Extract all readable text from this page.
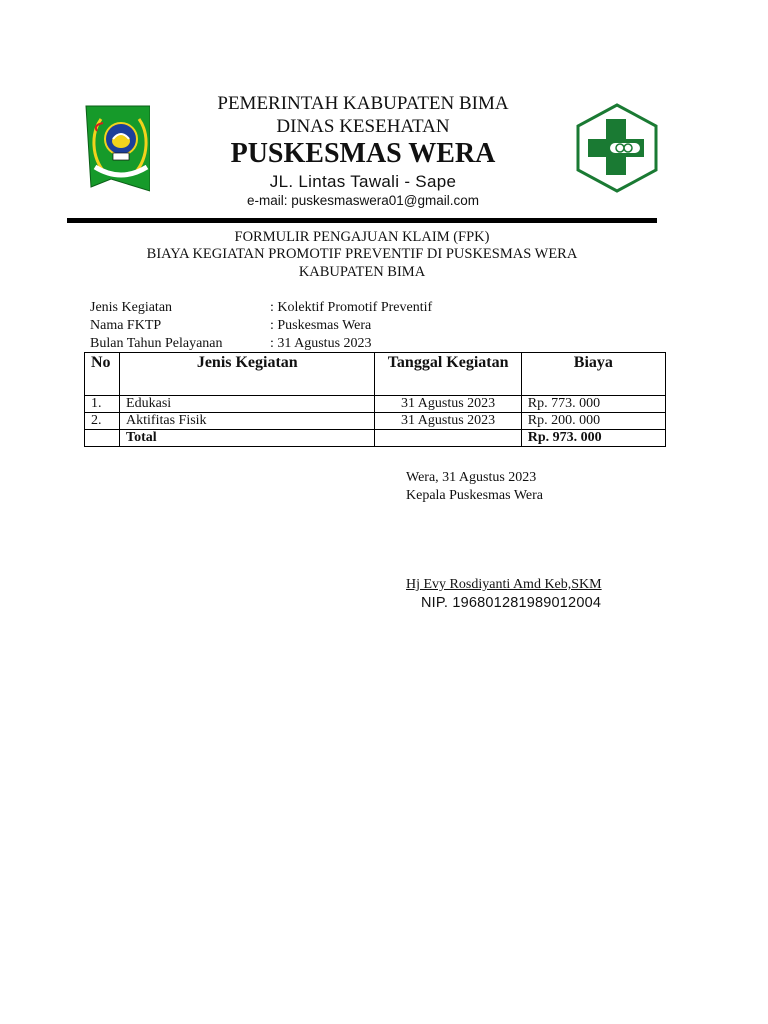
PEMERINTAH KABUPATEN BIMA
DINAS KESEHATAN
PUSKESMAS WERA
JL. Lintas Tawali - Sape
e-mail: puskesmaswera01@gmail.com
FORMULIR PENGAJUAN KLAIM (FPK)
BIAYA KEGIATAN PROMOTIF PREVENTIF DI PUSKESMAS WERA
KABUPATEN BIMA
Jenis Kegiatan	: Kolektif Promotif Preventif
Nama FKTP	: Puskesmas Wera
Bulan Tahun Pelayanan	: 31 Agustus 2023
No	Jenis Kegiatan	Tanggal Kegiatan	Biaya
1.	Edukasi	31 Agustus 2023	Rp. 773. 000
2.	Aktifitas Fisik	31 Agustus 2023	Rp. 200. 000
	Total		Rp. 973. 000
Wera, 31 Agustus 2023
Kepala Puskesmas Wera
Hj Evy Rosdiyanti Amd Keb,SKM
NIP. 196801281989012004
